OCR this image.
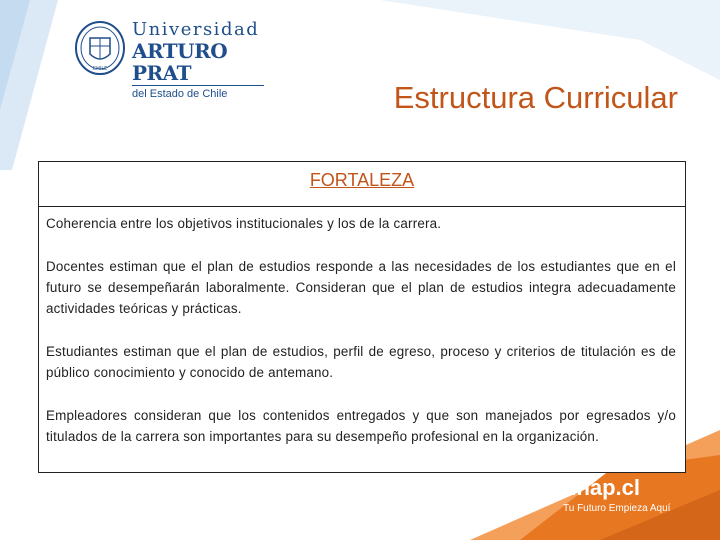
CHILE
Universidad
ARTURO PRAT
del Estado de Chile	Estructura Curricular
FORTALEZA

Coherencia entre los objetivos institucionales y los de la carrera.

Docentes estiman que el plan de estudios responde a las necesidades de los estudiantes que en el futuro se desempeñarán laboralmente. Consideran que el plan de estudios integra adecuadamente actividades teóricas y prácticas.

Estudiantes estiman que el plan de estudios, perfil de egreso, proceso y criterios de titulación es de público conocimiento y conocido de antemano.

Empleadores consideran que los contenidos entregados y que son manejados por egresados y/o titulados de la carrera son importantes para su desempeño profesional en la organización.

unap.cl
Tu Futuro Empieza Aquí
